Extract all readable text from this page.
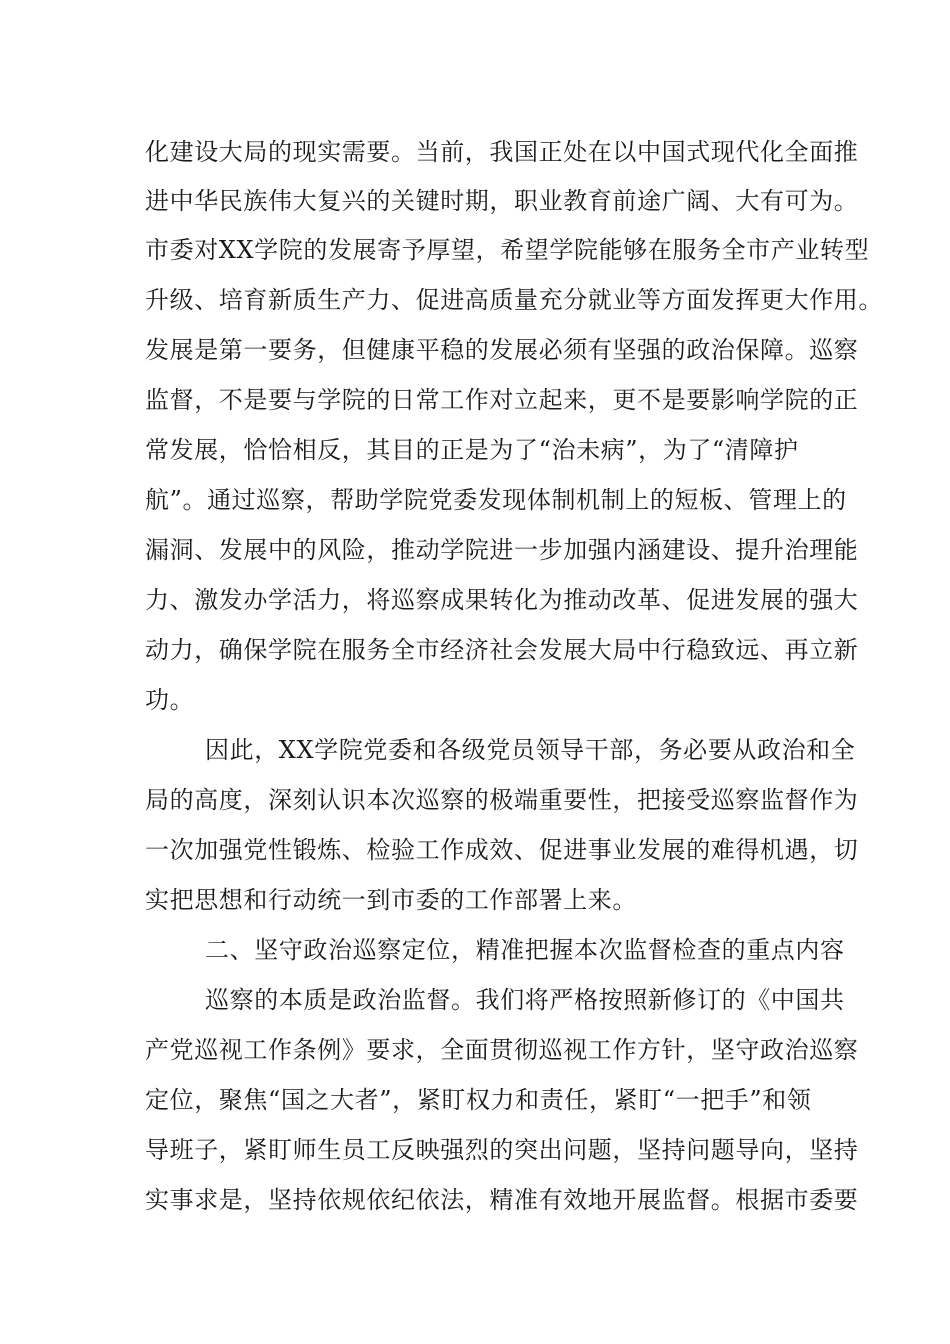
化建设大局的现实需要。当前，我国正处在以中国式现代化全面推
进中华民族伟大复兴的关键时期，职业教育前途广阔、大有可为。
市委对XX学院的发展寄予厚望，希望学院能够在服务全市产业转型
升级、培育新质生产力、促进高质量充分就业等方面发挥更大作用。
发展是第一要务，但健康平稳的发展必须有坚强的政治保障。巡察
监督，不是要与学院的日常工作对立起来，更不是要影响学院的正
常发展，恰恰相反，其目的正是为了“治未病”，为了“清障护
航”。通过巡察，帮助学院党委发现体制机制上的短板、管理上的
漏洞、发展中的风险，推动学院进一步加强内涵建设、提升治理能
力、激发办学活力，将巡察成果转化为推动改革、促进发展的强大
动力，确保学院在服务全市经济社会发展大局中行稳致远、再立新
功。
因此，XX学院党委和各级党员领导干部，务必要从政治和全
局的高度，深刻认识本次巡察的极端重要性，把接受巡察监督作为
一次加强党性锻炼、检验工作成效、促进事业发展的难得机遇，切
实把思想和行动统一到市委的工作部署上来。
二、坚守政治巡察定位，精准把握本次监督检查的重点内容
巡察的本质是政治监督。我们将严格按照新修订的《中国共
产党巡视工作条例》要求，全面贯彻巡视工作方针，坚守政治巡察
定位，聚焦“国之大者”，紧盯权力和责任，紧盯“一把手”和领
导班子，紧盯师生员工反映强烈的突出问题，坚持问题导向，坚持
实事求是，坚持依规依纪依法，精准有效地开展监督。根据市委要
